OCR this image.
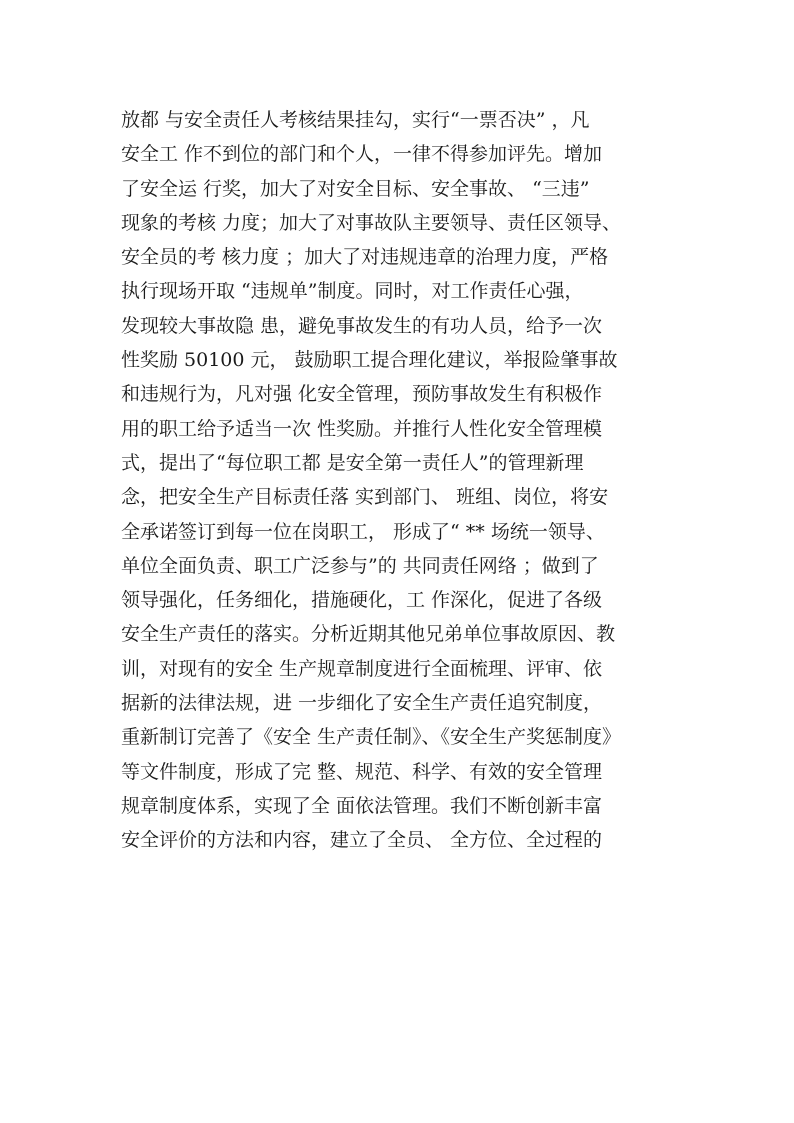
放都 与安全责任人考核结果挂勾，实行“一票否决” ，凡
安全工 作不到位的部门和个人，一律不得参加评先。增加
了安全运 行奖，加大了对安全目标、安全事故、 “三违”
现象的考核 力度；加大了对事故队主要领导、责任区领导、
安全员的考 核力度 ；加大了对违规违章的治理力度，严格
执行现场开取 “违规单”制度。同时，对工作责任心强，
发现较大事故隐 患，避免事故发生的有功人员，给予一次
性奖励 50100 元， 鼓励职工提合理化建议，举报险肇事故
和违规行为，凡对强 化安全管理，预防事故发生有积极作
用的职工给予适当一次 性奖励。并推行人性化安全管理模
式，提出了“每位职工都 是安全第一责任人”的管理新理
念，把安全生产目标责任落 实到部门、 班组、岗位，将安
全承诺签订到每一位在岗职工， 形成了“ ** 场统一领导、
单位全面负责、职工广泛参与”的 共同责任网络 ；做到了
领导强化，任务细化，措施硬化，工 作深化，促进了各级
安全生产责任的落实。分析近期其他兄弟单位事故原因、教
训，对现有的安全 生产规章制度进行全面梳理、评审、依
据新的法律法规，进 一步细化了安全生产责任追究制度，
重新制订完善了《安全 生产责任制》、《安全生产奖惩制度》
等文件制度，形成了完 整、规范、科学、有效的安全管理
规章制度体系，实现了全 面依法管理。我们不断创新丰富
安全评价的方法和内容，建立了全员、 全方位、全过程的
